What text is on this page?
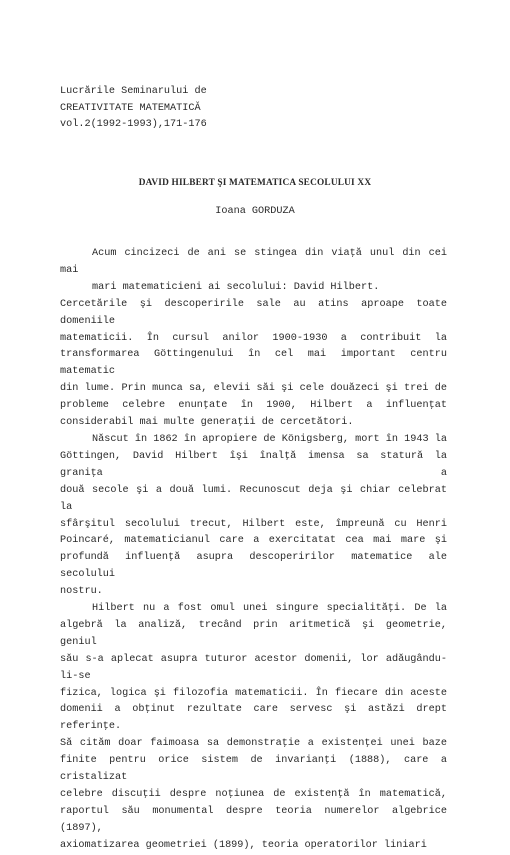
Lucrările Seminarului de
CREATIVITATE MATEMATICĂ
vol.2(1992-1993),171-176
DAVID HILBERT ŞI MATEMATICA SECOLULUI XX
Ioana GORDUZA

Acum cincizeci de ani se stingea din viaţă unul din cei mai
mari matematicieni ai secolului: David Hilbert.

Cercetările şi descoperirile sale au atins aproape toate domeniile
matematicii. În cursul anilor 1900-1930 a contribuit la
transformarea Göttingenului în cel mai important centru matematic
din lume. Prin munca sa, elevii săi şi cele douăzeci şi trei de
probleme celebre enunţate în 1900, Hilbert a influenţat
considerabil mai multe generaţii de cercetători.

Născut în 1862 în apropiere de Königsberg, mort în 1943 la

Göttingen, David Hilbert îşi înalţă imensa sa statură la graniţa a
două secole şi a două lumi. Recunoscut deja şi chiar celebrat la
sfârşitul secolului trecut, Hilbert este, împreună cu Henri
Poincaré, matematicianul care a exercitatat cea mai mare şi
profundă influenţă asupra descoperirilor matematice ale secolului
nostru.

Hilbert nu a fost omul unei singure specialităţi. De la

algebră la analiză, trecând prin aritmetică şi geometrie, geniul
său s-a aplecat asupra tuturor acestor domenii, lor adăugându-li-se
fizica, logica şi filozofia matematicii. În fiecare din aceste
domenii a obţinut rezultate care servesc şi astăzi drept referinţe.
Să cităm doar faimoasa sa demonstraţie a existenţei unei baze
finite pentru orice sistem de invarianţi (1888), care a cristalizat
celebre discuţii despre noţiunea de existenţă în matematică,
raportul său monumental despre teoria numerelor algebrice (1897),
axiomatizarea geometriei (1899), teoria operatorilor liniari
